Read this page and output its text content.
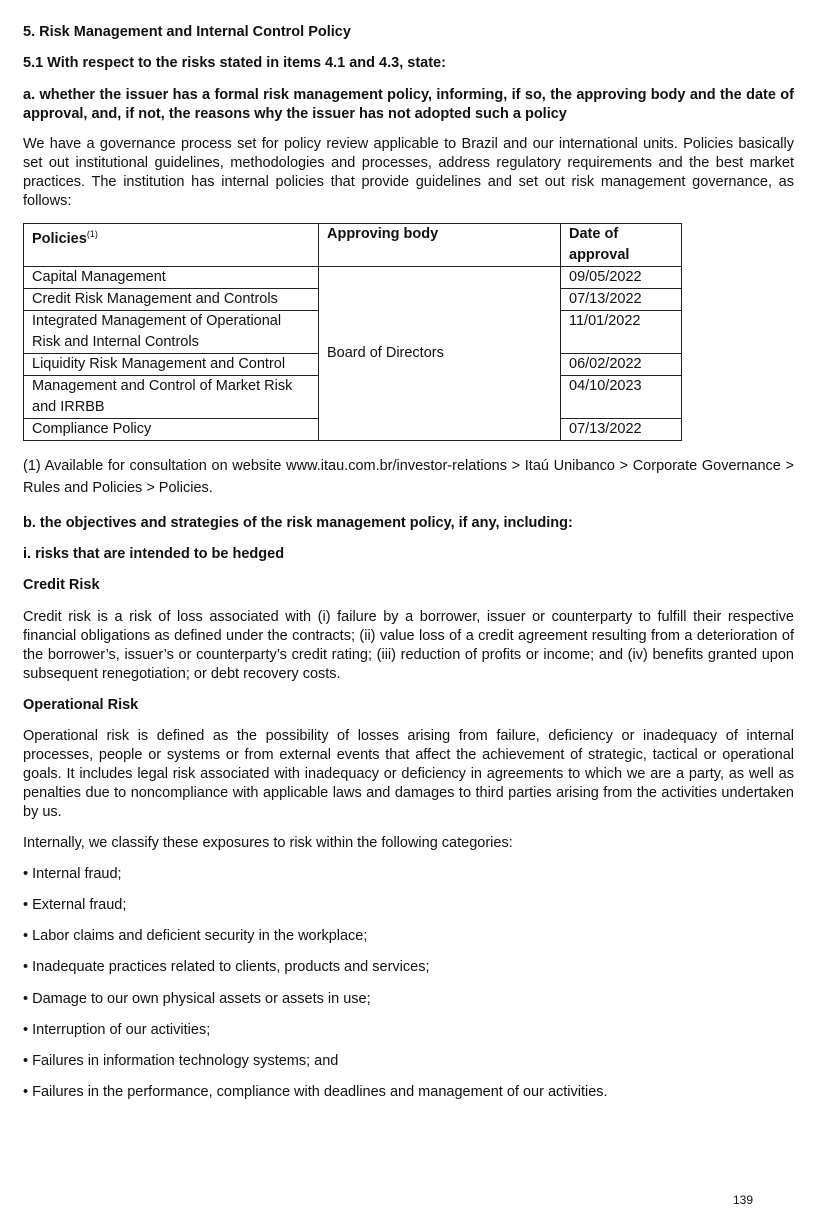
5. Risk Management and Internal Control Policy
5.1 With respect to the risks stated in items 4.1 and 4.3, state:
a. whether the issuer has a formal risk management policy, informing, if so, the approving body and the date of approval, and, if not, the reasons why the issuer has not adopted such a policy

We have a governance process set for policy review applicable to Brazil and our international units. Policies basically set out institutional guidelines, methodologies and processes, address regulatory requirements and the best market practices. The institution has internal policies that provide guidelines and set out risk management governance, as follows:

Policies$^{(1)}$	Approving body	Date of approval
Capital Management	Board of Directors	09/05/2022
Credit Risk Management and Controls		07/13/2022
Integrated Management of Operational Risk and Internal Controls		11/01/2022
Liquidity Risk Management and Control		06/02/2022
Management and Control of Market Risk and IRRBB		04/10/2023
Compliance Policy		07/13/2022

(1) Available for consultation on website www.itau.com.br/investor-relations > Itaú Unibanco > Corporate Governance > Rules and Policies > Policies.

b. the objectives and strategies of the risk management policy, if any, including:
i. risks that are intended to be hedged
Credit Risk

Credit risk is a risk of loss associated with (i) failure by a borrower, issuer or counterparty to fulfill their respective financial obligations as defined under the contracts; (ii) value loss of a credit agreement resulting from a deterioration of the borrower’s, issuer’s or counterparty’s credit rating; (iii) reduction of profits or income; and (iv) benefits granted upon subsequent renegotiation; or debt recovery costs.

Operational Risk

Operational risk is defined as the possibility of losses arising from failure, deficiency or inadequacy of internal processes, people or systems or from external events that affect the achievement of strategic, tactical or operational goals. It includes legal risk associated with inadequacy or deficiency in agreements to which we are a party, as well as penalties due to noncompliance with applicable laws and damages to third parties arising from the activities undertaken by us.

Internally, we classify these exposures to risk within the following categories:

• Internal fraud;
• External fraud;
• Labor claims and deficient security in the workplace;
• Inadequate practices related to clients, products and services;
• Damage to our own physical assets or assets in use;
• Interruption of our activities;
• Failures in information technology systems; and
• Failures in the performance, compliance with deadlines and management of our activities.
139
